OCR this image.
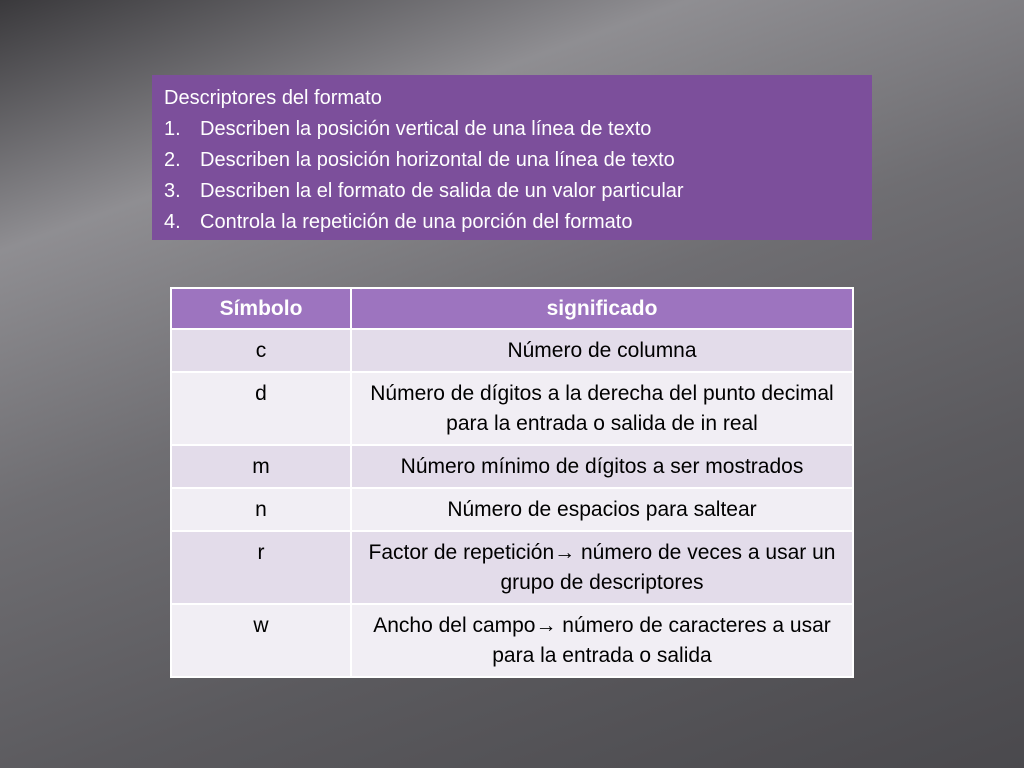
Descriptores del formato
1. Describen la posición vertical de una línea de texto
2. Describen la posición horizontal de una línea de texto
3. Describen la el formato de salida de un valor particular
4. Controla la repetición de una porción del formato
Símbolo	significado
c	Número de columna
d	Número de dígitos a la derecha del punto decimal para la entrada o salida de in real
m	Número mínimo de dígitos a ser mostrados
n	Número de espacios para saltear
r	Factor de repetición→ número de veces a usar un grupo de descriptores
w	Ancho del campo→ número de caracteres a usar para la entrada o salida
